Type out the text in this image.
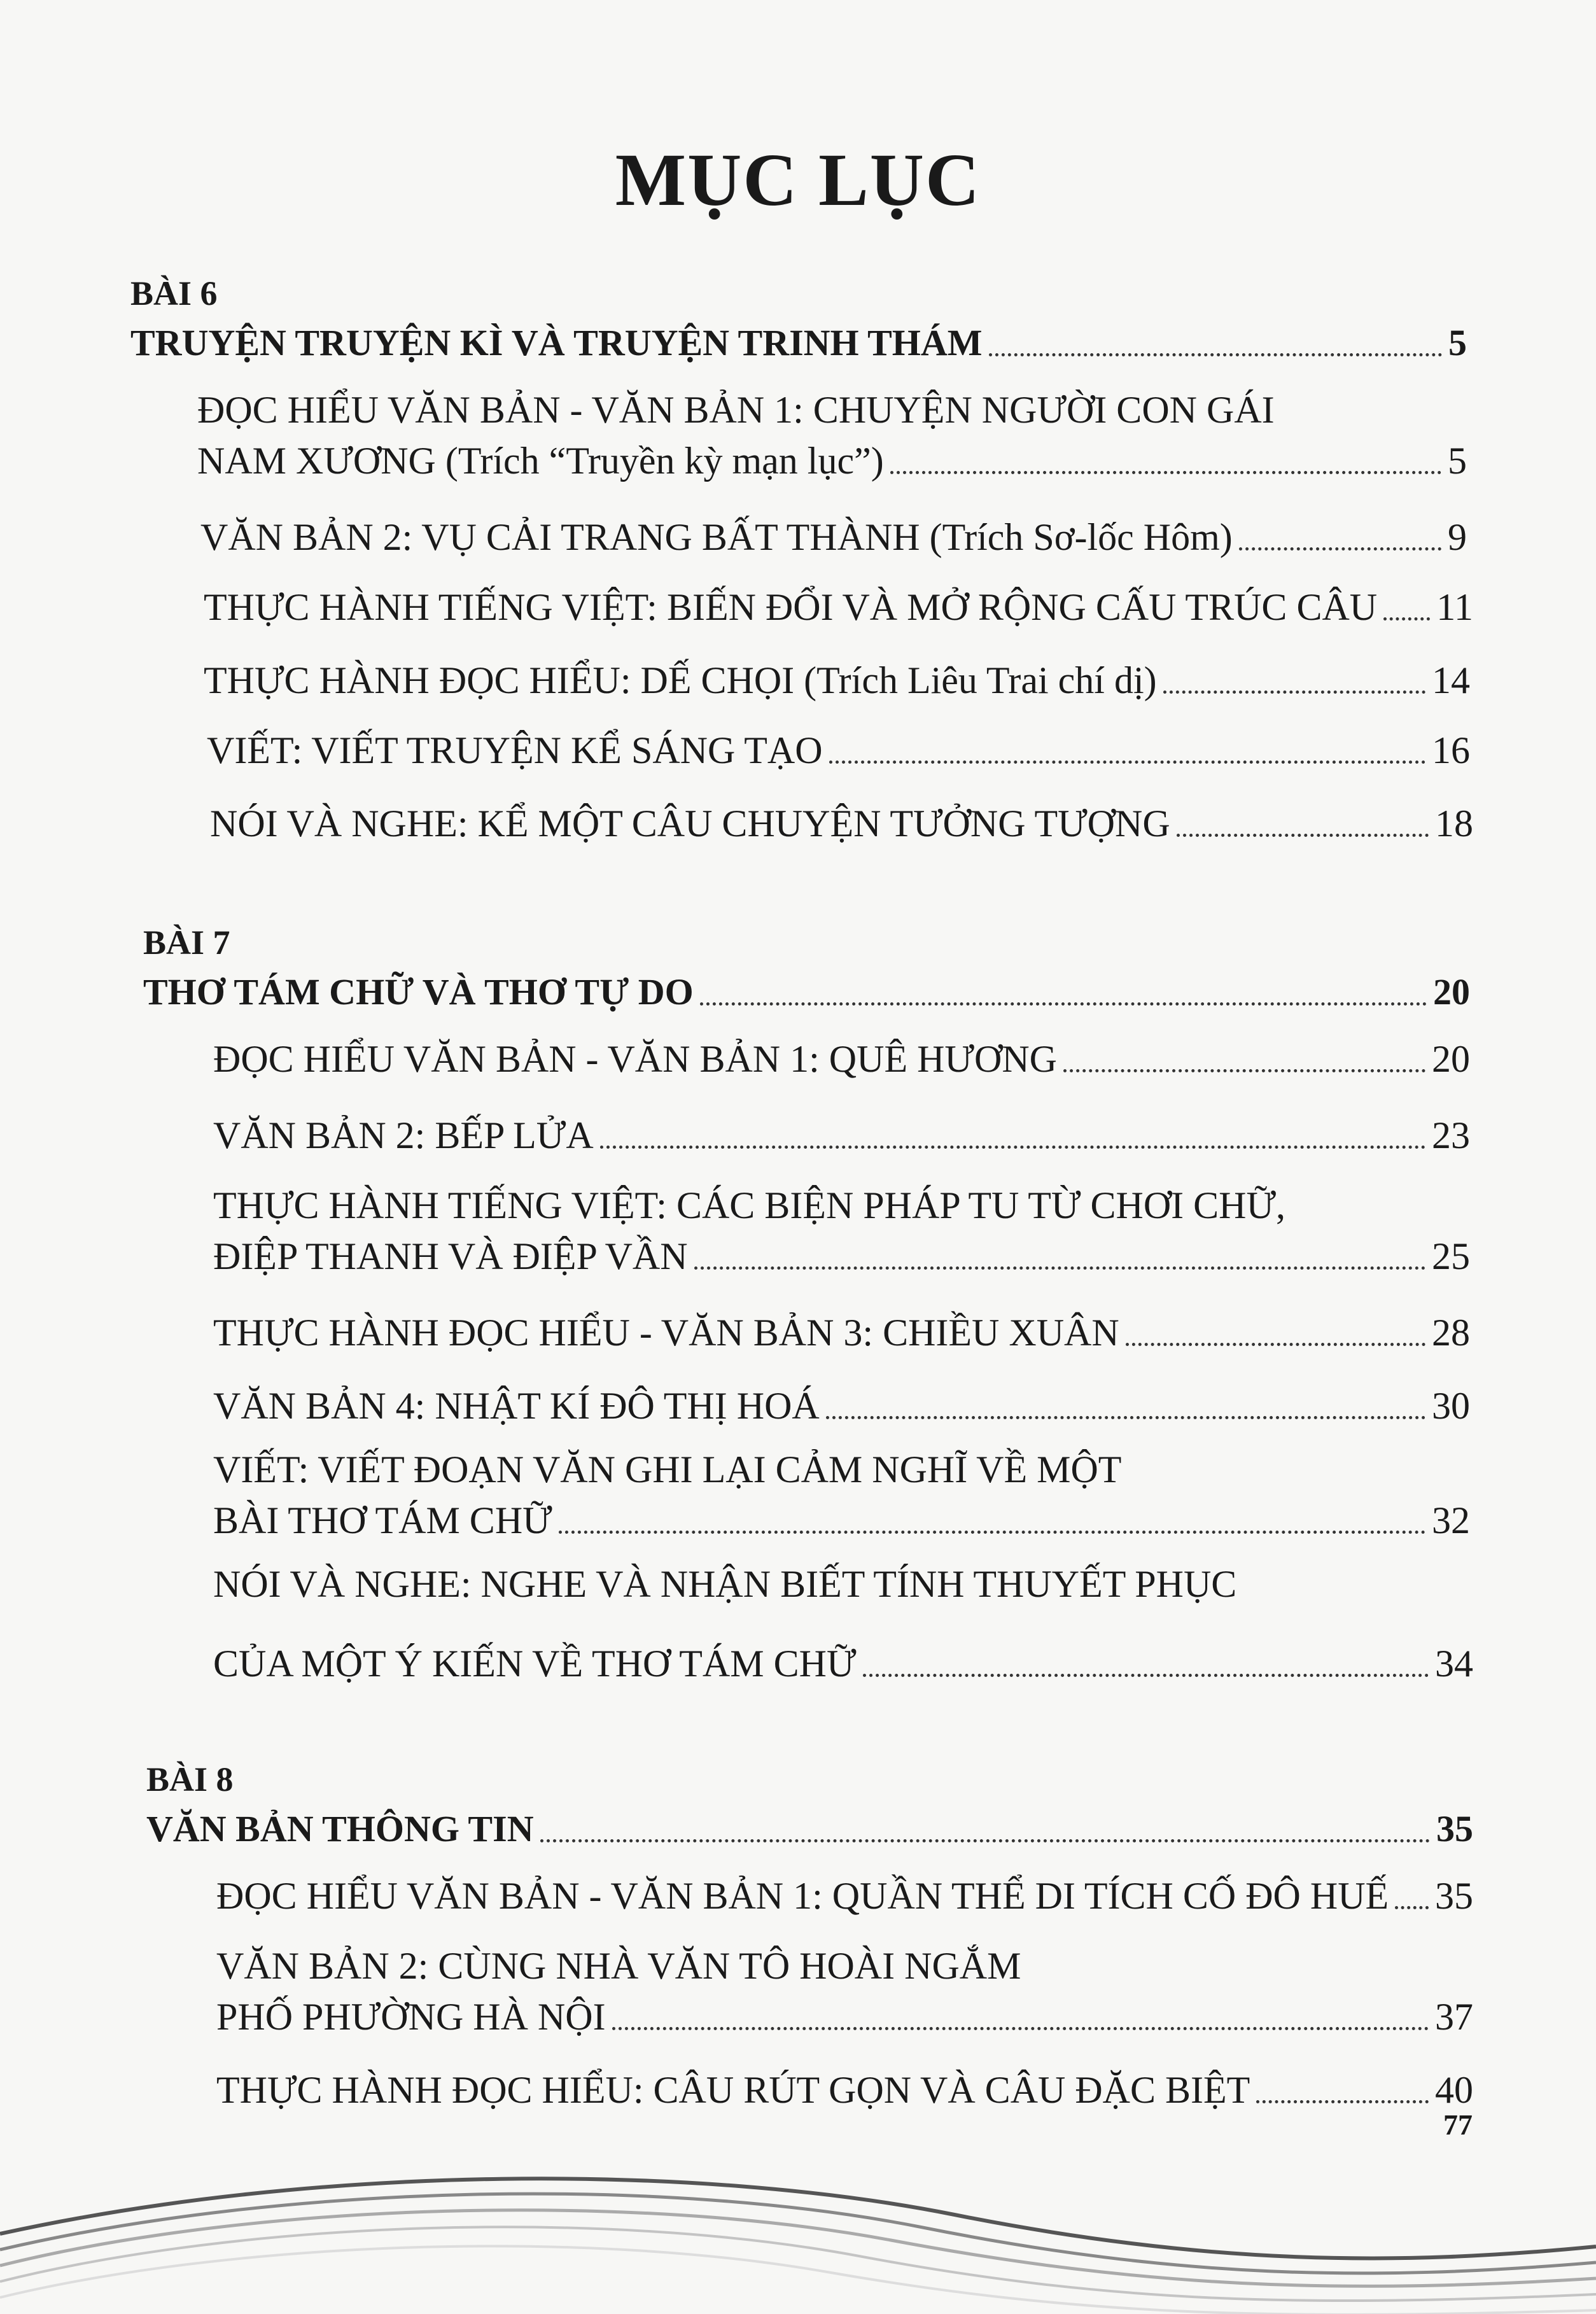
MỤC LỤC
BÀI 6
TRUYỆN TRUYỆN KÌ VÀ TRUYỆN TRINH THÁM	5
ĐỌC HIỂU VĂN BẢN - VĂN BẢN 1: CHUYỆN NGƯỜI CON GÁI
NAM XƯƠNG (Trích “Truyền kỳ mạn lục”)	5
VĂN BẢN 2: VỤ CẢI TRANG BẤT THÀNH (Trích Sơ-lốc Hôm)	9
THỰC HÀNH TIẾNG VIỆT: BIẾN ĐỔI VÀ MỞ RỘNG CẤU TRÚC CÂU 11
THỰC HÀNH ĐỌC HIỂU: DẾ CHỌI (Trích Liêu Trai chí dị)	14
VIẾT: VIẾT TRUYỆN KỂ SÁNG TẠO	16
NÓI VÀ NGHE: KỂ MỘT CÂU CHUYỆN TƯỞNG TƯỢNG	18
BÀI 7
THƠ TÁM CHỮ VÀ THƠ TỰ DO	20
ĐỌC HIỂU VĂN BẢN - VĂN BẢN 1: QUÊ HƯƠNG	20
VĂN BẢN 2: BẾP LỬA	23
THỰC HÀNH TIẾNG VIỆT: CÁC BIỆN PHÁP TU TỪ CHƠI CHỮ,
ĐIỆP THANH VÀ ĐIỆP VẦN	25
THỰC HÀNH ĐỌC HIỂU - VĂN BẢN 3: CHIỀU XUÂN	28
VĂN BẢN 4: NHẬT KÍ ĐÔ THỊ HOÁ	30
VIẾT: VIẾT ĐOẠN VĂN GHI LẠI CẢM NGHĨ VỀ MỘT
BÀI THƠ TÁM CHỮ	32
NÓI VÀ NGHE: NGHE VÀ NHẬN BIẾT TÍNH THUYẾT PHỤC
CỦA MỘT Ý KIẾN VỀ THƠ TÁM CHỮ	34
BÀI 8
VĂN BẢN THÔNG TIN	35
ĐỌC HIỂU VĂN BẢN - VĂN BẢN 1: QUẦN THỂ DI TÍCH CỐ ĐÔ HUẾ 35
VĂN BẢN 2: CÙNG NHÀ VĂN TÔ HOÀI NGẮM
PHỐ PHƯỜNG HÀ NỘI	37
THỰC HÀNH ĐỌC HIỂU: CÂU RÚT GỌN VÀ CÂU ĐẶC BIỆT	40
77
